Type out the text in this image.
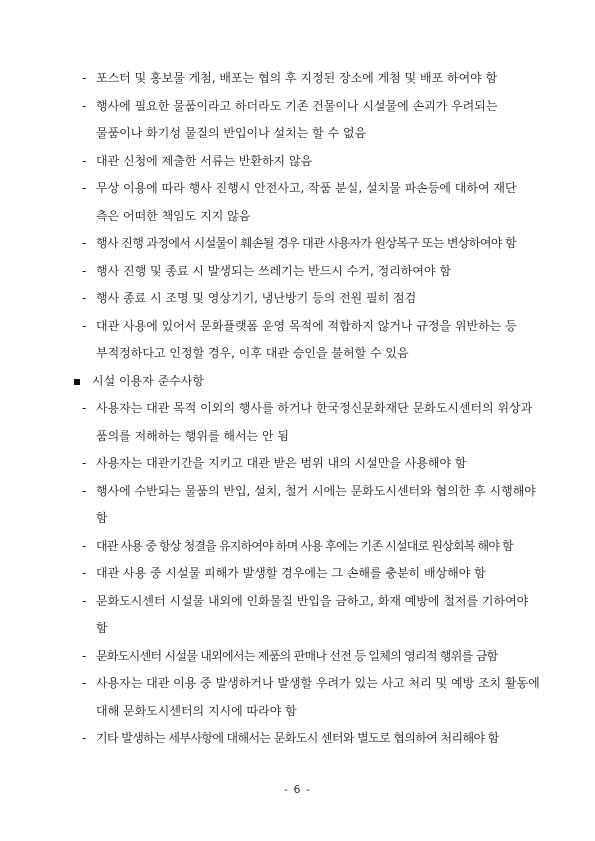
- 포스터 및 홍보물 게첨, 배포는 협의 후 지정된 장소에 게첨 및 배포 하여야 함
- 행사에 필요한 물품이라고 하더라도 기존 건물이나 시설물에 손괴가 우려되는 물품이나 화기성 물질의 반입이나 설치는 할 수 없음
- 대관 신청에 제출한 서류는 반환하지 않음
- 무상 이용에 따라 행사 진행시 안전사고, 작품 분실, 설치물 파손등에 대하여 재단 측은 어떠한 책임도 지지 않음
- 행사 진행 과정에서 시설물이 훼손될 경우 대관 사용자가 원상복구 또는 변상하여야 함
- 행사 진행 및 종료 시 발생되는 쓰레기는 반드시 수거, 정리하여야 함
- 행사 종료 시 조명 및 영상기기, 냉난방기 등의 전원 필히 점검
- 대관 사용에 있어서 문화플랫폼 운영 목적에 적합하지 않거나 규정을 위반하는 등 부적정하다고 인정할 경우, 이후 대관 승인을 불허할 수 있음
시설 이용자 준수사항
- 사용자는 대관 목적 이외의 행사를 하거나 한국정신문화재단 문화도시센터의 위상과 품의를 저해하는 행위를 해서는 안 됨
- 사용자는 대관기간을 지키고 대관 받은 범위 내의 시설만을 사용해야 함
- 행사에 수반되는 물품의 반입, 설치, 철거 시에는 문화도시센터와 협의한 후 시행해야 함
- 대관 사용 중 항상 청결을 유지하여야 하며 사용 후에는 기존 시설대로 원상회복 해야 함
- 대관 사용 중 시설물 피해가 발생할 경우에는 그 손해를 충분히 배상해야 함
- 문화도시센터 시설물 내외에 인화물질 반입을 금하고, 화재 예방에 철저를 기하여야 함
- 문화도시센터 시설물 내외에서는 제품의 판매나 선전 등 일체의 영리적 행위를 금함
- 사용자는 대관 이용 중 발생하거나 발생할 우려가 있는 사고 처리 및 예방 조치 활동에 대해 문화도시센터의 지시에 따라야 함
- 기타 발생하는 세부사항에 대해서는 문화도시 센터와 별도로 협의하여 처리해야 함
- 6 -
